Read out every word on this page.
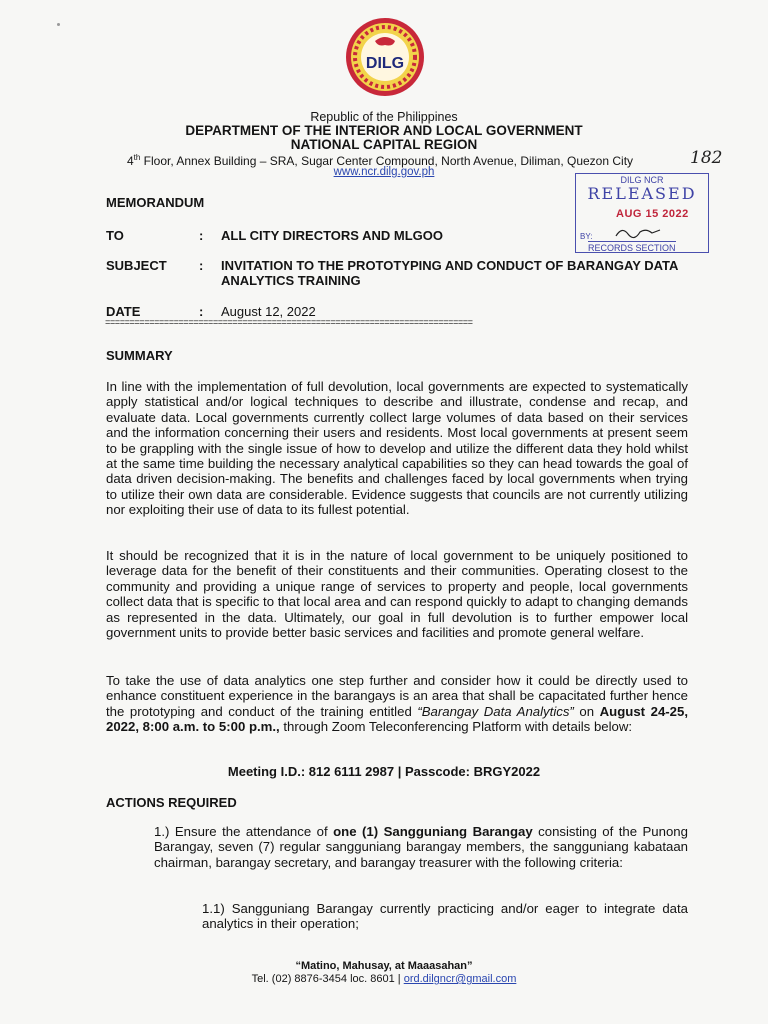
DILG
Republic of the Philippines
DEPARTMENT OF THE INTERIOR AND LOCAL GOVERNMENT
NATIONAL CAPITAL REGION
4th Floor, Annex Building – SRA, Sugar Center Compound, North Avenue, Diliman, Quezon City
www.ncr.dilg.gov.ph
182
DILG NCR
RELEASED
AUG 15 2022
BY:
RECORDS SECTION
MEMORANDUM
TO	: ALL CITY DIRECTORS AND MLGOO
SUBJECT : INVITATION TO THE PROTOTYPING AND CONDUCT OF BARANGAY DATA ANALYTICS TRAINING
DATE	: August 12, 2022
===========================================================================
SUMMARY
In line with the implementation of full devolution, local governments are expected to systematically apply statistical and/or logical techniques to describe and illustrate, condense and recap, and evaluate data. Local governments currently collect large volumes of data based on their services and the information concerning their users and residents. Most local governments at present seem to be grappling with the single issue of how to develop and utilize the different data they hold whilst at the same time building the necessary analytical capabilities so they can head towards the goal of data driven decision-making. The benefits and challenges faced by local governments when trying to utilize their own data are considerable. Evidence suggests that councils are not currently utilizing nor exploiting their use of data to its fullest potential.
It should be recognized that it is in the nature of local government to be uniquely positioned to leverage data for the benefit of their constituents and their communities. Operating closest to the community and providing a unique range of services to property and people, local governments collect data that is specific to that local area and can respond quickly to adapt to changing demands as represented in the data. Ultimately, our goal in full devolution is to further empower local government units to provide better basic services and facilities and promote general welfare.
To take the use of data analytics one step further and consider how it could be directly used to enhance constituent experience in the barangays is an area that shall be capacitated further hence the prototyping and conduct of the training entitled “Barangay Data Analytics” on August 24-25, 2022, 8:00 a.m. to 5:00 p.m., through Zoom Teleconferencing Platform with details below:
Meeting I.D.: 812 6111 2987 | Passcode: BRGY2022
ACTIONS REQUIRED
1.) Ensure the attendance of one (1) Sangguniang Barangay consisting of the Punong Barangay, seven (7) regular sangguniang barangay members, the sangguniang kabataan chairman, barangay secretary, and barangay treasurer with the following criteria:
1.1) Sangguniang Barangay currently practicing and/or eager to integrate data analytics in their operation;
“Matino, Mahusay, at Maaasahan”
Tel. (02) 8876-3454 loc. 8601 | ord.dilgncr@gmail.com
